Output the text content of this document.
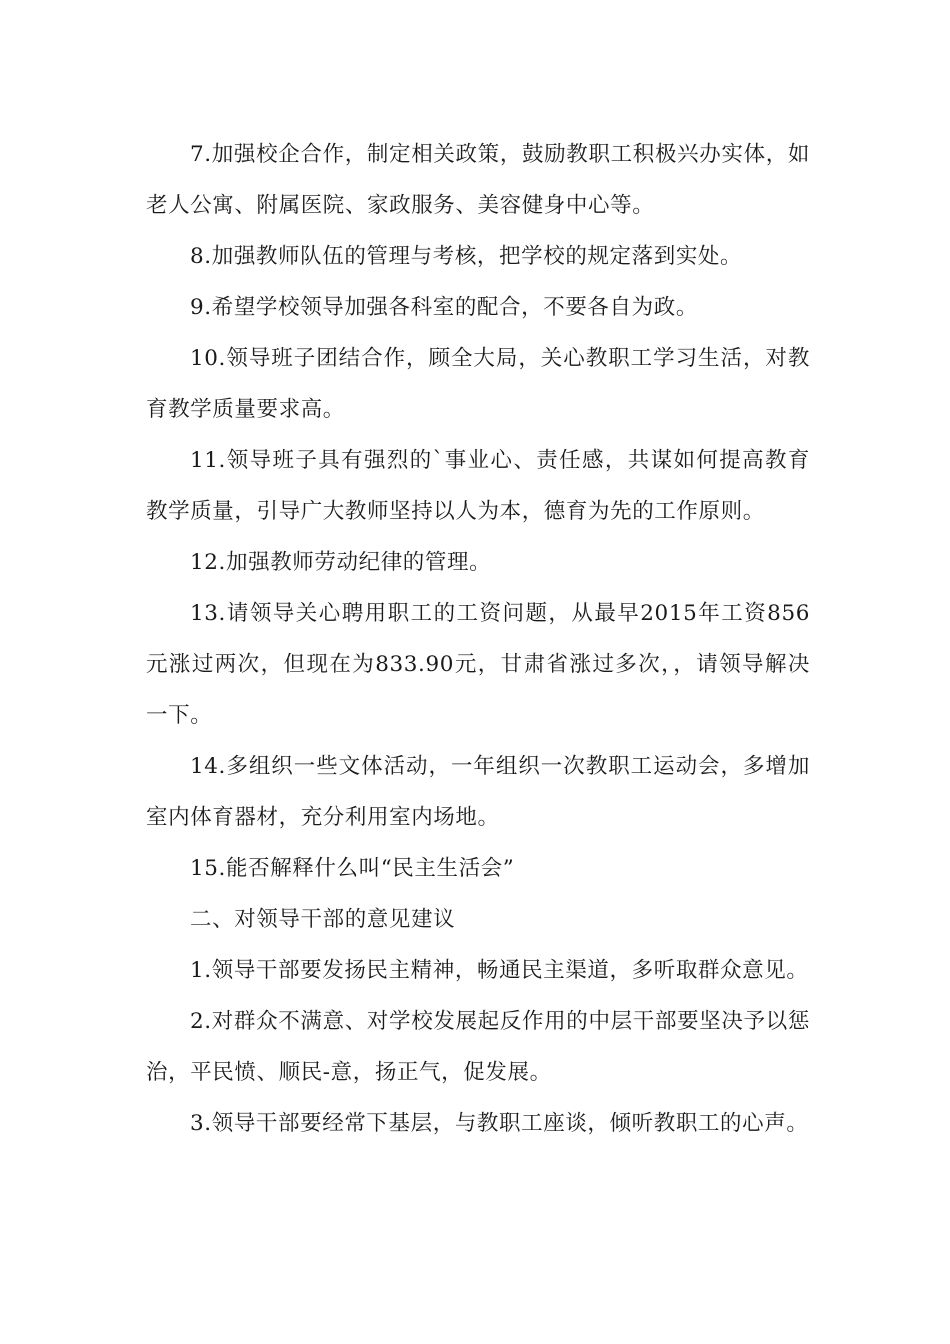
7.加强校企合作，制定相关政策，鼓励教职工积极兴办实体，如老人公寓、附属医院、家政服务、美容健身中心等。

8.加强教师队伍的管理与考核，把学校的规定落到实处。

9.希望学校领导加强各科室的配合，不要各自为政。

10.领导班子团结合作，顾全大局，关心教职工学习生活，对教育教学质量要求高。

11.领导班子具有强烈的`事业心、责任感，共谋如何提高教育教学质量，引导广大教师坚持以人为本，德育为先的工作原则。

12.加强教师劳动纪律的管理。

13.请领导关心聘用职工的工资问题，从最早2015年工资856元涨过两次，但现在为833.90元，甘肃省涨过多次，，请领导解决一下。

14.多组织一些文体活动，一年组织一次教职工运动会，多增加室内体育器材，充分利用室内场地。

15.能否解释什么叫“民主生活会”

二、对领导干部的意见建议

1.领导干部要发扬民主精神，畅通民主渠道，多听取群众意见。

2.对群众不满意、对学校发展起反作用的中层干部要坚决予以惩治，平民愤、顺民-意，扬正气，促发展。

3.领导干部要经常下基层，与教职工座谈，倾听教职工的心声。
